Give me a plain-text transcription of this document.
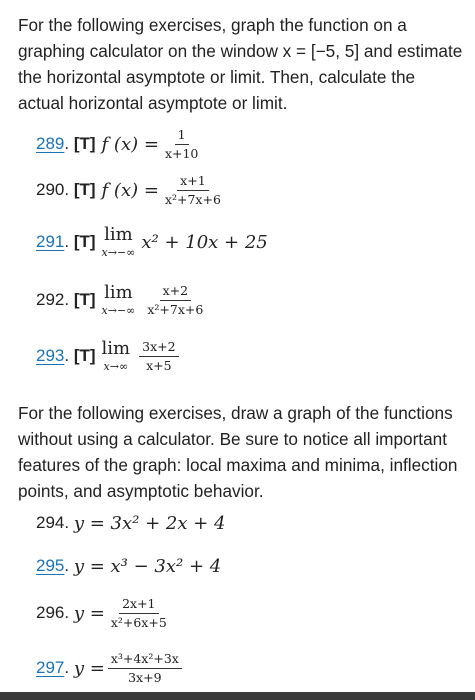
For the following exercises, graph the function on a graphing calculator on the window x = [−5, 5] and estimate the horizontal asymptote or limit. Then, calculate the actual horizontal asymptote or limit.
289 . [T] f $(x) = \frac{1}{x+10}$
290 . [T] f $(x) = \frac{x+1}{\text{x²+7x+6}}$
291 . [T] lim
x→−∞ x² + 10x + 25
292 . [T] lim
$x\to-\infty \frac{x+2}{\text{x²+7x+6}}$
293 . [T] lim
$x\to\infty \frac{3x+2}{x+5}$
For the following exercises, draw a graph of the functions without using a calculator. Be sure to notice all important features of the graph: local maxima and minima, inflection points, and asymptotic behavior.
294 . y = 3x² + 2x + 4
295 . y = x³ − 3x² + 4
296 . $y = \frac{2x+1}{\text{x²+6x+5}}$
297 . $y = \frac{\text{x³+4x²+3x}}{3x+9}$
